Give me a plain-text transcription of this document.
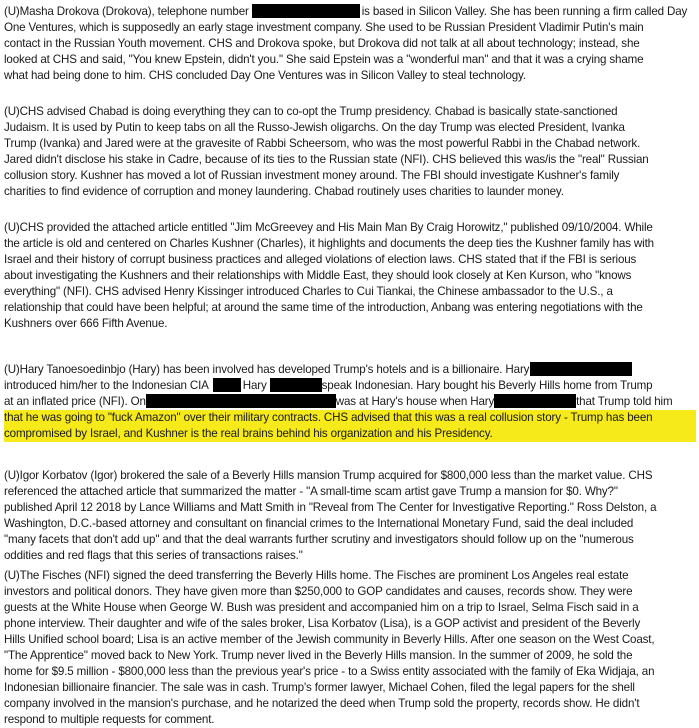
(U)Masha Drokova (Drokova), telephone number	is based in Silicon Valley. She has been running a firm called Day
One Ventures, which is supposedly an early stage investment company. She used to be Russian President Vladimir Putin's main
contact in the Russian Youth movement. CHS and Drokova spoke, but Drokova did not talk at all about technology; instead, she
looked at CHS and said, "You knew Epstein, didn't you." She said Epstein was a "wonderful man" and that it was a crying shame
what had being done to him. CHS concluded Day One Ventures was in Silicon Valley to steal technology.
(U)CHS advised Chabad is doing everything they can to co-opt the Trump presidency. Chabad is basically state-sanctioned
Judaism. It is used by Putin to keep tabs on all the Russo-Jewish oligarchs. On the day Trump was elected President, Ivanka
Trump (Ivanka) and Jared were at the gravesite of Rabbi Scheersom, who was the most powerful Rabbi in the Chabad network.
Jared didn't disclose his stake in Cadre, because of its ties to the Russian state (NFI). CHS believed this was/is the "real" Russian
collusion story. Kushner has moved a lot of Russian investment money around. The FBI should investigate Kushner's family
charities to find evidence of corruption and money laundering. Chabad routinely uses charities to launder money.
(U)CHS provided the attached article entitled "Jim McGreevey and His Main Man By Craig Horowitz," published 09/10/2004. While
the article is old and centered on Charles Kushner (Charles), it highlights and documents the deep ties the Kushner family has with
Israel and their history of corrupt business practices and alleged violations of election laws. CHS stated that if the FBI is serious
about investigating the Kushners and their relationships with Middle East, they should look closely at Ken Kurson, who "knows
everything" (NFI). CHS advised Henry Kissinger introduced Charles to Cui Tiankai, the Chinese ambassador to the U.S., a
relationship that could have been helpful; at around the same time of the introduction, Anbang was entering negotiations with the
Kushners over 666 Fifth Avenue.
(U)Hary Tanoesoedinbjo (Hary) has been involved has developed Trump's hotels and is a billionaire. Hary
introduced him/her to the Indonesian CIA	Hary	speak Indonesian. Hary bought his Beverly Hills home from Trump
at an inflated price (NFI). On	was at Hary's house when Hary	that Trump told him
that he was going to "fuck Amazon" over their military contracts. CHS advised that this was a real collusion story - Trump has been
compromised by Israel, and Kushner is the real brains behind his organization and his Presidency.
(U)Igor Korbatov (Igor) brokered the sale of a Beverly Hills mansion Trump acquired for $800,000 less than the market value. CHS
referenced the attached article that summarized the matter - "A small-time scam artist gave Trump a mansion for $0. Why?"
published April 12 2018 by Lance Williams and Matt Smith in "Reveal from The Center for Investigative Reporting." Ross Delston, a
Washington, D.C.-based attorney and consultant on financial crimes to the International Monetary Fund, said the deal included
"many facets that don't add up" and that the deal warrants further scrutiny and investigators should follow up on the "numerous
oddities and red flags that this series of transactions raises."
(U)The Fisches (NFI) signed the deed transferring the Beverly Hills home. The Fisches are prominent Los Angeles real estate
investors and political donors. They have given more than $250,000 to GOP candidates and causes, records show. They were
guests at the White House when George W. Bush was president and accompanied him on a trip to Israel, Selma Fisch said in a
phone interview. Their daughter and wife of the sales broker, Lisa Korbatov (Lisa), is a GOP activist and president of the Beverly
Hills Unified school board; Lisa is an active member of the Jewish community in Beverly Hills. After one season on the West Coast,
"The Apprentice" moved back to New York. Trump never lived in the Beverly Hills mansion. In the summer of 2009, he sold the
home for $9.5 million - $800,000 less than the previous year's price - to a Swiss entity associated with the family of Eka Widjaja, an
Indonesian billionaire financier. The sale was in cash. Trump's former lawyer, Michael Cohen, filed the legal papers for the shell
company involved in the mansion's purchase, and he notarized the deed when Trump sold the property, records show. He didn't
respond to multiple requests for comment.
